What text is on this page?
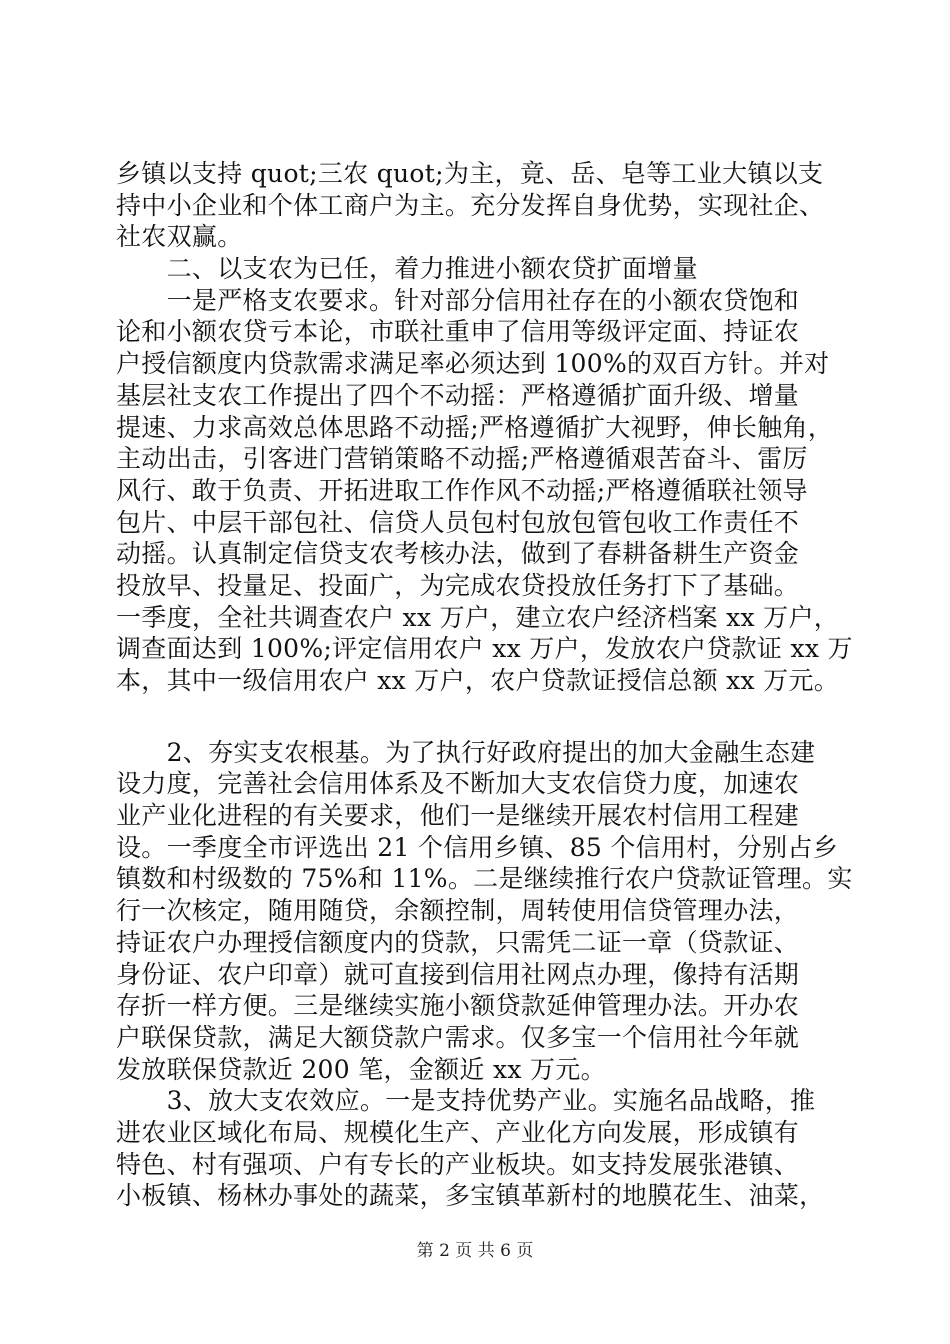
乡镇以支持 quot;三农 quot;为主，竟、岳、皂等工业大镇以支
持中小企业和个体工商户为主。充分发挥自身优势，实现社企、
社农双赢。
　　二、以支农为已任，着力推进小额农贷扩面增量
　　一是严格支农要求。针对部分信用社存在的小额农贷饱和
论和小额农贷亏本论，市联社重申了信用等级评定面、持证农
户授信额度内贷款需求满足率必须达到 100%的双百方针。并对
基层社支农工作提出了四个不动摇：严格遵循扩面升级、增量
提速、力求高效总体思路不动摇;严格遵循扩大视野，伸长触角，
主动出击，引客进门营销策略不动摇;严格遵循艰苦奋斗、雷厉
风行、敢于负责、开拓进取工作作风不动摇;严格遵循联社领导
包片、中层干部包社、信贷人员包村包放包管包收工作责任不
动摇。认真制定信贷支农考核办法，做到了春耕备耕生产资金
投放早、投量足、投面广，为完成农贷投放任务打下了基础。
一季度，全社共调查农户 xx 万户，建立农户经济档案 xx 万户，
调查面达到 100%;评定信用农户 xx 万户，发放农户贷款证 xx 万
本，其中一级信用农户 xx 万户，农户贷款证授信总额 xx 万元。
　　2、夯实支农根基。为了执行好政府提出的加大金融生态建
设力度，完善社会信用体系及不断加大支农信贷力度，加速农
业产业化进程的有关要求，他们一是继续开展农村信用工程建
设。一季度全市评选出 21 个信用乡镇、85 个信用村，分别占乡
镇数和村级数的 75%和 11%。二是继续推行农户贷款证管理。实
行一次核定，随用随贷，余额控制，周转使用信贷管理办法，
持证农户办理授信额度内的贷款，只需凭二证一章（贷款证、
身份证、农户印章）就可直接到信用社网点办理，像持有活期
存折一样方便。三是继续实施小额贷款延伸管理办法。开办农
户联保贷款，满足大额贷款户需求。仅多宝一个信用社今年就
发放联保贷款近 200 笔，金额近 xx 万元。
　　3、放大支农效应。一是支持优势产业。实施名品战略，推
进农业区域化布局、规模化生产、产业化方向发展，形成镇有
特色、村有强项、户有专长的产业板块。如支持发展张港镇、
小板镇、杨林办事处的蔬菜，多宝镇革新村的地膜花生、油菜，
第 2 页 共 6 页
